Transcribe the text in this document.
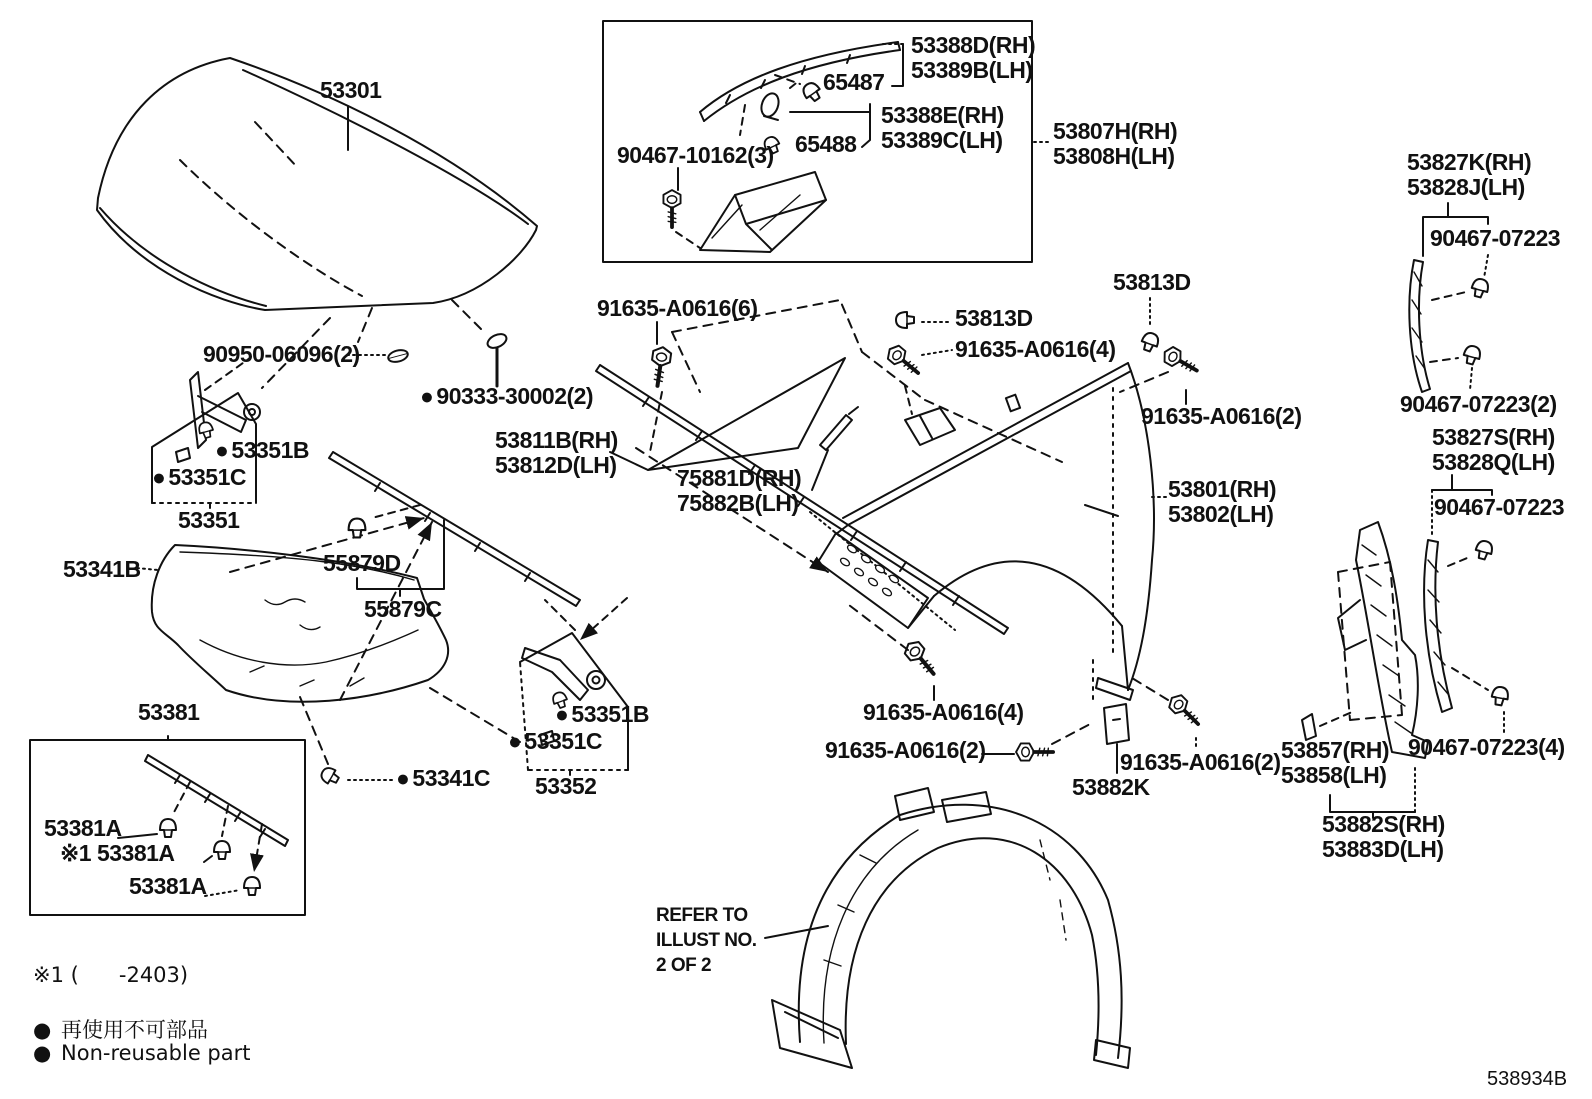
53301
53388D(RH)
53389B(LH)
65487
53388E(RH)
53389C(LH)
65488
90467-10162(3)
53807H(RH)
53808H(LH)	53827K(RH)
53828J(LH)
90467-07223
90467-07223(2)
53813D
91635-A0616(6)	53813D
91635-A0616(4)
90950-06096(2)
● 90333-30002(2)
91635-A0616(2)
● 53351B
● 53351C
53351
53811B(RH)
53812D(LH)	75881D(RH)
75882B(LH)
53827S(RH)
53828Q(LH)
90467-07223
53801(RH)
53802(LH)
53341B	55879D
55879C
53381
53381A
※1 53381A
53381A
● 53341C
● 53351B
● 53351C
53352
91635-A0616(4)
91635-A0616(2)
53882K
91635-A0616(2) 53857(RH)
53858(LH)
90467-07223(4)
53882S(RH)
53883D(LH)
REFER TO
ILLUST NO.
2 OF 2
※1 (      -2403)
● 再使用不可部品
● Non-reusable part
538934B
